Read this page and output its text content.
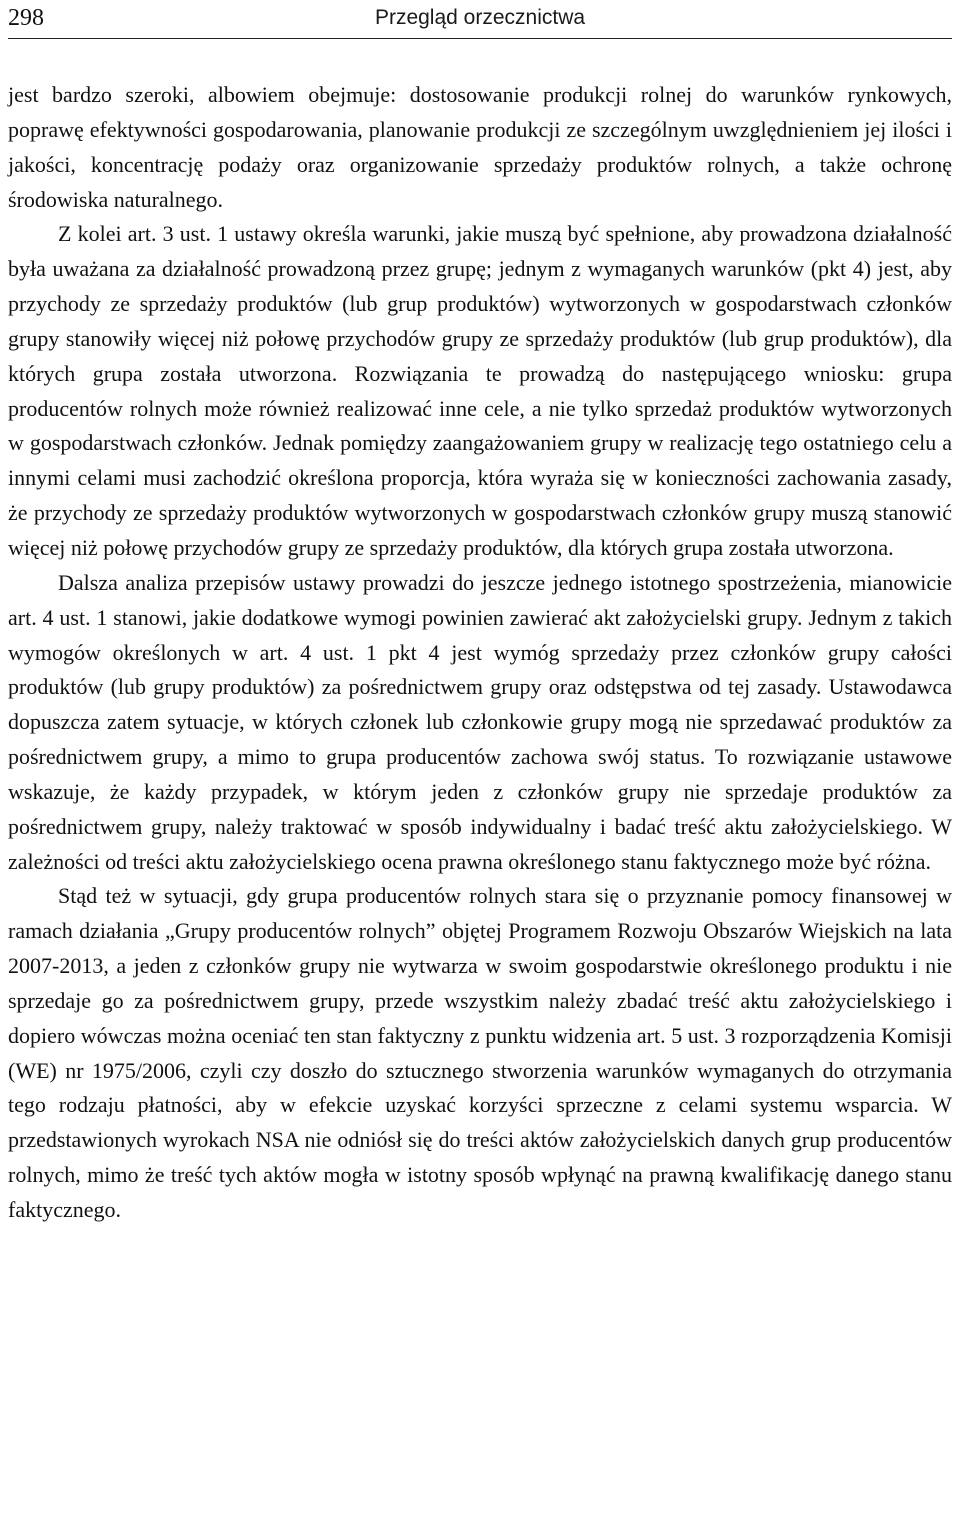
298	Przegląd orzecznictwa

jest bardzo szeroki, albowiem obejmuje: dostosowanie produkcji rolnej do warunków rynkowych, poprawę efektywności gospodarowania, planowanie produkcji ze szczególnym uwzględnieniem jej ilości i jakości, koncentrację podaży oraz organizowanie sprzedaży produktów rolnych, a także ochronę środowiska naturalnego.

Z kolei art. 3 ust. 1 ustawy określa warunki, jakie muszą być spełnione, aby prowadzona działalność była uważana za działalność prowadzoną przez grupę; jednym z wymaganych warunków (pkt 4) jest, aby przychody ze sprzedaży produktów (lub grup produktów) wytworzonych w gospodarstwach członków grupy stanowiły więcej niż połowę przychodów grupy ze sprzedaży produktów (lub grup produktów), dla których grupa została utworzona. Rozwiązania te prowadzą do następującego wniosku: grupa producentów rolnych może również realizować inne cele, a nie tylko sprzedaż produktów wytworzonych w gospodarstwach członków. Jednak pomiędzy zaangażowaniem grupy w realizację tego ostatniego celu a innymi celami musi zachodzić określona proporcja, która wyraża się w konieczności zachowania zasady, że przychody ze sprzedaży produktów wytworzonych w gospodarstwach członków grupy muszą stanowić więcej niż połowę przychodów grupy ze sprzedaży produktów, dla których grupa została utworzona.

Dalsza analiza przepisów ustawy prowadzi do jeszcze jednego istotnego spostrzeżenia, mianowicie art. 4 ust. 1 stanowi, jakie dodatkowe wymogi powinien zawierać akt założycielski grupy. Jednym z takich wymogów określonych w art. 4 ust. 1 pkt 4 jest wymóg sprzedaży przez członków grupy całości produktów (lub grupy produktów) za pośrednictwem grupy oraz odstępstwa od tej zasady. Ustawodawca dopuszcza zatem sytuacje, w których członek lub członkowie grupy mogą nie sprzedawać produktów za pośrednictwem grupy, a mimo to grupa producentów zachowa swój status. To rozwiązanie ustawowe wskazuje, że każdy przypadek, w którym jeden z członków grupy nie sprzedaje produktów za pośrednictwem grupy, należy traktować w sposób indywidualny i badać treść aktu założycielskiego. W zależności od treści aktu założycielskiego ocena prawna określonego stanu faktycznego może być różna.

Stąd też w sytuacji, gdy grupa producentów rolnych stara się o przyznanie pomocy finansowej w ramach działania „Grupy producentów rolnych” objętej Programem Rozwoju Obszarów Wiejskich na lata 2007-2013, a jeden z członków grupy nie wytwarza w swoim gospodarstwie określonego produktu i nie sprzedaje go za pośrednictwem grupy, przede wszystkim należy zbadać treść aktu założycielskiego i dopiero wówczas można oceniać ten stan faktyczny z punktu widzenia art. 5 ust. 3 rozporządzenia Komisji (WE) nr 1975/2006, czyli czy doszło do sztucznego stworzenia warunków wymaganych do otrzymania tego rodzaju płatności, aby w efekcie uzyskać korzyści sprzeczne z celami systemu wsparcia. W przedstawionych wyrokach NSA nie odniósł się do treści aktów założycielskich danych grup producentów rolnych, mimo że treść tych aktów mogła w istotny sposób wpłynąć na prawną kwalifikację danego stanu faktycznego.
